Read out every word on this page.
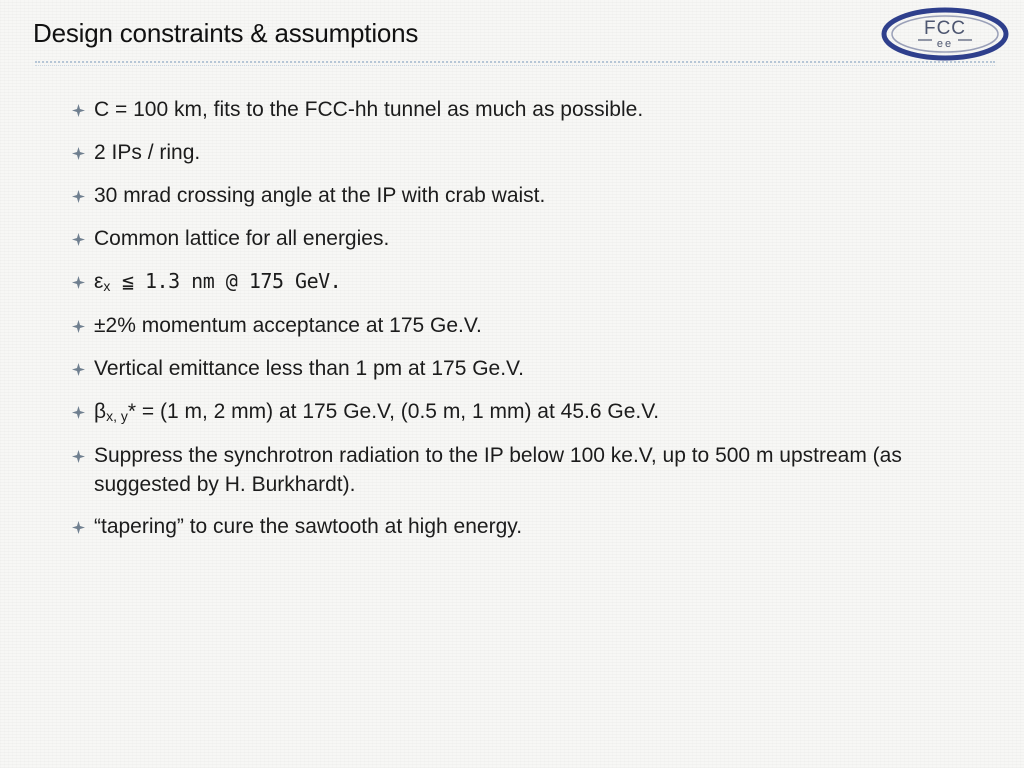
Design constraints & assumptions	FCC
ee
C = 100 km, fits to the FCC-hh tunnel as much as possible.
2 IPs / ring.
30 mrad crossing angle at the IP with crab waist.
Common lattice for all energies.
$\varepsilon_x$ ≦ 1.3 nm @ 175 GeV.
±2% momentum acceptance at 175 Ge.V.
Vertical emittance less than 1 pm at 175 Ge.V.
$\beta_{x, y}* = (1$ m, 2 mm) at 175 Ge.V, (0.5 m, 1 mm) at 45.6 Ge.V.
Suppress the synchrotron radiation to the IP below 100 ke.V, up to 500 m upstream (as suggested by H. Burkhardt).
“tapering” to cure the sawtooth at high energy.
